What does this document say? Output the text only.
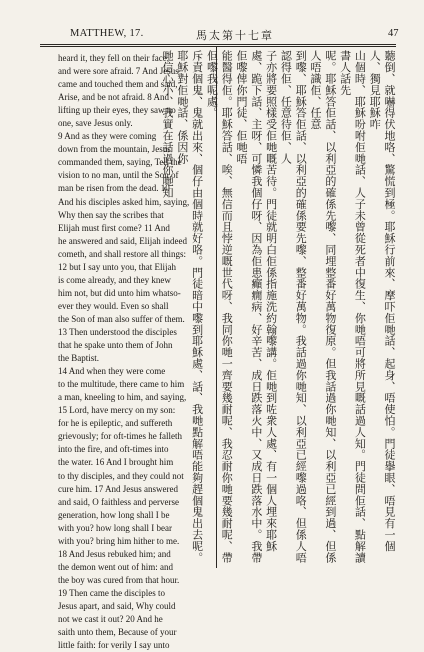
MATTHEW, 17.	馬太第十七章	47
heard it, they fell on their face,
and were sore afraid. 7 And Jesus
came and touched them and said,
Arise, and be not afraid. 8 And
lifting up their eyes, they saw no
one, save Jesus only.
9 And as they were coming
down from the mountain, Jesus
commanded them, saying, Tell the
vision to no man, until the Son of
man be risen from the dead. 10
And his disciples asked him, saying,
Why then say the scribes that
Elijah must first come? 11 And
he answered and said, Elijah indeed
cometh, and shall restore all things:
12 but I say unto you, that Elijah
is come already, and they knew
him not, but did unto him whatso-
ever they would. Even so shall
the Son of man also suffer of them.
13 Then understood the disciples
that he spake unto them of John
the Baptist.
14 And when they were come
to the multitude, there came to him
a man, kneeling to him, and saying,
15 Lord, have mercy on my son:
for he is epileptic, and suffereth
grievously; for oft-times he falleth
into the fire, and oft-times into
the water. 16 And I brought him
to thy disciples, and they could not
cure him. 17 And Jesus answered
and said, O faithless and perverse
generation, how long shall I be
with you? how long shall I bear
with you? bring him hither to me.
18 And Jesus rebuked him; and
the demon went out of him: and
the boy was cured from that hour.
19 Then came the disciples to
Jesus apart, and said, Why could
not we cast it out? 20 And he
saith unto them, Because of your
little faith: for verily I say unto
聽倒、就嚇得伏地咯、驚慌到極。耶穌行前來、摩吓佢哋話、起身、唔使怕。門徒擧眼、唔見有一個人、獨見耶穌咋
山個時、耶穌吩咐佢哋話、人子未曾從死者中復生、你哋唔可將所見嘅話過人知。門徒問佢話、點解讀書人話先
呢。耶穌答佢話、以利亞的確係先嚟、同埋整番好萬物復原。但我話過你哋知、以利亞已經到過、但係人唔識佢、任意
到嚟、耶穌答佢話、以利亞的確係要先嚟、整番好萬物。我話過你哋知、以利亞已經嚟過咯、但係人唔認得佢、任意待佢、人
子亦將要照樣受佢哋嘅苦待。門徒就明白佢係指施洗約翰嚟講。佢哋到咗衆人處、有一個人埋來耶穌
處、跪下話、主呀、可憐我個仔呀、因為佢患癲癇病、好辛苦、成日跌落火中、又成日跌落水中。我帶佢嚟俾你門徒、佢哋唔
能醫得佢。耶穌答話、唉、無信而且悖逆嘅世代呀、我同你哋一齊要幾耐呢、我忍耐你哋要幾耐呢、帶佢嚟我呢處。
斥責個鬼、鬼就出來、個仔由個時就好咯。門徒暗中嚟到耶穌處、話、我哋點解唔能夠趕個鬼出去呢。耶穌對佢哋話、係因你
哋信心小、我實在話過你哋知
